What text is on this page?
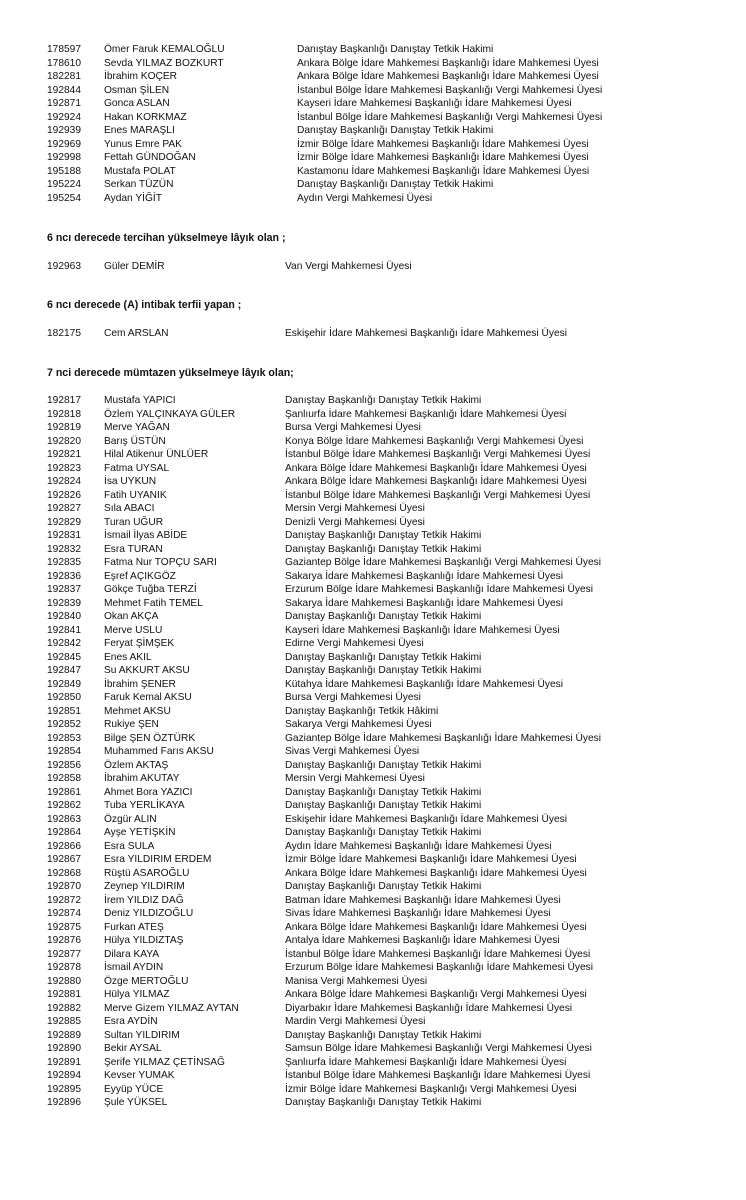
178597 Ömer Faruk KEMALOĞLU	Danıştay Başkanlığı Danıştay Tetkik Hakimi
178610 Sevda YILMAZ BOZKURT	Ankara Bölge İdare Mahkemesi Başkanlığı İdare Mahkemesi Üyesi
182281 İbrahim KOÇER	Ankara Bölge İdare Mahkemesi Başkanlığı İdare Mahkemesi Üyesi
192844 Osman ŞİLEN	İstanbul Bölge İdare Mahkemesi Başkanlığı Vergi Mahkemesi Üyesi
192871 Gonca ASLAN	Kayseri İdare Mahkemesi Başkanlığı İdare Mahkemesi Üyesi
192924 Hakan KORKMAZ	İstanbul Bölge İdare Mahkemesi Başkanlığı Vergi Mahkemesi Üyesi
192939 Enes MARAŞLI	Danıştay Başkanlığı Danıştay Tetkik Hakimi
192969 Yunus Emre PAK	İzmir Bölge İdare Mahkemesi Başkanlığı İdare Mahkemesi Üyesi
192998 Fettah GÜNDOĞAN	İzmir Bölge İdare Mahkemesi Başkanlığı İdare Mahkemesi Üyesi
195188 Mustafa POLAT	Kastamonu İdare Mahkemesi Başkanlığı İdare Mahkemesi Üyesi
195224 Serkan TÜZÜN	Danıştay Başkanlığı Danıştay Tetkik Hakimi
195254 Aydan YİĞİT	Aydın Vergi Mahkemesi Üyesi
6 ncı derecede tercihan yükselmeye lâyık olan ;
192963 Güler DEMİR	Van Vergi Mahkemesi Üyesi
6 ncı derecede (A) intibak terfii yapan ;
182175 Cem ARSLAN	Eskişehir İdare Mahkemesi Başkanlığı İdare Mahkemesi Üyesi
7 nci derecede mümtazen yükselmeye lâyık olan;
192817 Mustafa YAPICI	Danıştay Başkanlığı Danıştay Tetkik Hakimi
192818 Özlem YALÇINKAYA GÜLER	Şanlıurfa İdare Mahkemesi Başkanlığı İdare Mahkemesi Üyesi
192819 Merve YAĞAN	Bursa Vergi Mahkemesi Üyesi
192820 Barış ÜSTÜN	Konya Bölge İdare Mahkemesi Başkanlığı Vergi Mahkemesi Üyesi
192821 Hilal Atikenur ÜNLÜER	İstanbul Bölge İdare Mahkemesi Başkanlığı Vergi Mahkemesi Üyesi
192823 Fatma UYSAL	Ankara Bölge İdare Mahkemesi Başkanlığı İdare Mahkemesi Üyesi
192824 İsa UYKUN	Ankara Bölge İdare Mahkemesi Başkanlığı İdare Mahkemesi Üyesi
192826 Fatih UYANIK	İstanbul Bölge İdare Mahkemesi Başkanlığı Vergi Mahkemesi Üyesi
192827 Sıla ABACI	Mersin Vergi Mahkemesi Üyesi
192829 Turan UĞUR	Denizli Vergi Mahkemesi Üyesi
192831 İsmail İlyas ABİDE	Danıştay Başkanlığı Danıştay Tetkik Hakimi
192832 Esra TURAN	Danıştay Başkanlığı Danıştay Tetkik Hakimi
192835 Fatma Nur TOPÇU SARI	Gaziantep Bölge İdare Mahkemesi Başkanlığı Vergi Mahkemesi Üyesi
192836 Eşref AÇIKGÖZ	Sakarya İdare Mahkemesi Başkanlığı İdare Mahkemesi Üyesi
192837 Gökçe Tuğba TERZİ	Erzurum Bölge İdare Mahkemesi Başkanlığı İdare Mahkemesi Üyesi
192839 Mehmet Fatih TEMEL	Sakarya İdare Mahkemesi Başkanlığı İdare Mahkemesi Üyesi
192840 Okan AKÇA	Danıştay Başkanlığı Danıştay Tetkik Hakimi
192841 Merve USLU	Kayseri İdare Mahkemesi Başkanlığı İdare Mahkemesi Üyesi
192842 Feryat ŞİMŞEK	Edirne Vergi Mahkemesi Üyesi
192845 Enes AKIL	Danıştay Başkanlığı Danıştay Tetkik Hakimi
192847 Su AKKURT AKSU	Danıştay Başkanlığı Danıştay Tetkik Hakimi
192849 İbrahim ŞENER	Kütahya İdare Mahkemesi Başkanlığı İdare Mahkemesi Üyesi
192850 Faruk Kemal AKSU	Bursa Vergi Mahkemesi Üyesi
192851 Mehmet AKSU	Danıştay Başkanlığı Tetkik Hâkimi
192852 Rukiye ŞEN	Sakarya Vergi Mahkemesi Üyesi
192853 Bilge ŞEN ÖZTÜRK	Gaziantep Bölge İdare Mahkemesi Başkanlığı İdare Mahkemesi Üyesi
192854 Muhammed Farıs AKSU	Sivas Vergi Mahkemesi Üyesi
192856 Özlem AKTAŞ	Danıştay Başkanlığı Danıştay Tetkik Hakimi
192858 İbrahim AKUTAY	Mersin Vergi Mahkemesi Üyesi
192861 Ahmet Bora YAZICI	Danıştay Başkanlığı Danıştay Tetkik Hakimi
192862 Tuba YERLİKAYA	Danıştay Başkanlığı Danıştay Tetkik Hakimi
192863 Özgür ALIN	Eskişehir İdare Mahkemesi Başkanlığı İdare Mahkemesi Üyesi
192864 Ayşe YETİŞKİN	Danıştay Başkanlığı Danıştay Tetkik Hakimi
192866 Esra SULA	Aydın İdare Mahkemesi Başkanlığı İdare Mahkemesi Üyesi
192867 Esra YILDIRIM ERDEM	İzmir Bölge İdare Mahkemesi Başkanlığı İdare Mahkemesi Üyesi
192868 Rüştü ASAROĞLU	Ankara Bölge İdare Mahkemesi Başkanlığı İdare Mahkemesi Üyesi
192870 Zeynep YILDIRIM	Danıştay Başkanlığı Danıştay Tetkik Hakimi
192872 İrem YILDIZ DAĞ	Batman İdare Mahkemesi Başkanlığı İdare Mahkemesi Üyesi
192874 Deniz YILDIZOĞLU	Sivas İdare Mahkemesi Başkanlığı İdare Mahkemesi Üyesi
192875 Furkan ATEŞ	Ankara Bölge İdare Mahkemesi Başkanlığı İdare Mahkemesi Üyesi
192876 Hülya YILDIZTAŞ	Antalya İdare Mahkemesi Başkanlığı İdare Mahkemesi Üyesi
192877 Dilara KAYA	İstanbul Bölge İdare Mahkemesi Başkanlığı İdare Mahkemesi Üyesi
192878 İsmail AYDIN	Erzurum Bölge İdare Mahkemesi Başkanlığı İdare Mahkemesi Üyesi
192880 Özge MERTOĞLU	Manisa Vergi Mahkemesi Üyesi
192881 Hülya YILMAZ	Ankara Bölge İdare Mahkemesi Başkanlığı Vergi Mahkemesi Üyesi
192882 Merve Gizem YILMAZ AYTAN	Diyarbakır İdare Mahkemesi Başkanlığı İdare Mahkemesi Üyesi
192885 Esra AYDİN	Mardin Vergi Mahkemesi Üyesi
192889 Sultan YILDIRIM	Danıştay Başkanlığı Danıştay Tetkik Hakimi
192890 Bekir AYSAL	Samsun Bölge İdare Mahkemesi Başkanlığı Vergi Mahkemesi Üyesi
192891 Şerife YILMAZ ÇETİNSAĞ	Şanlıurfa İdare Mahkemesi Başkanlığı İdare Mahkemesi Üyesi
192894 Kevser YUMAK	İstanbul Bölge İdare Mahkemesi Başkanlığı İdare Mahkemesi Üyesi
192895 Eyyüp YÜCE	İzmir Bölge İdare Mahkemesi Başkanlığı Vergi Mahkemesi Üyesi
192896 Şule YÜKSEL	Danıştay Başkanlığı Danıştay Tetkik Hakimi
